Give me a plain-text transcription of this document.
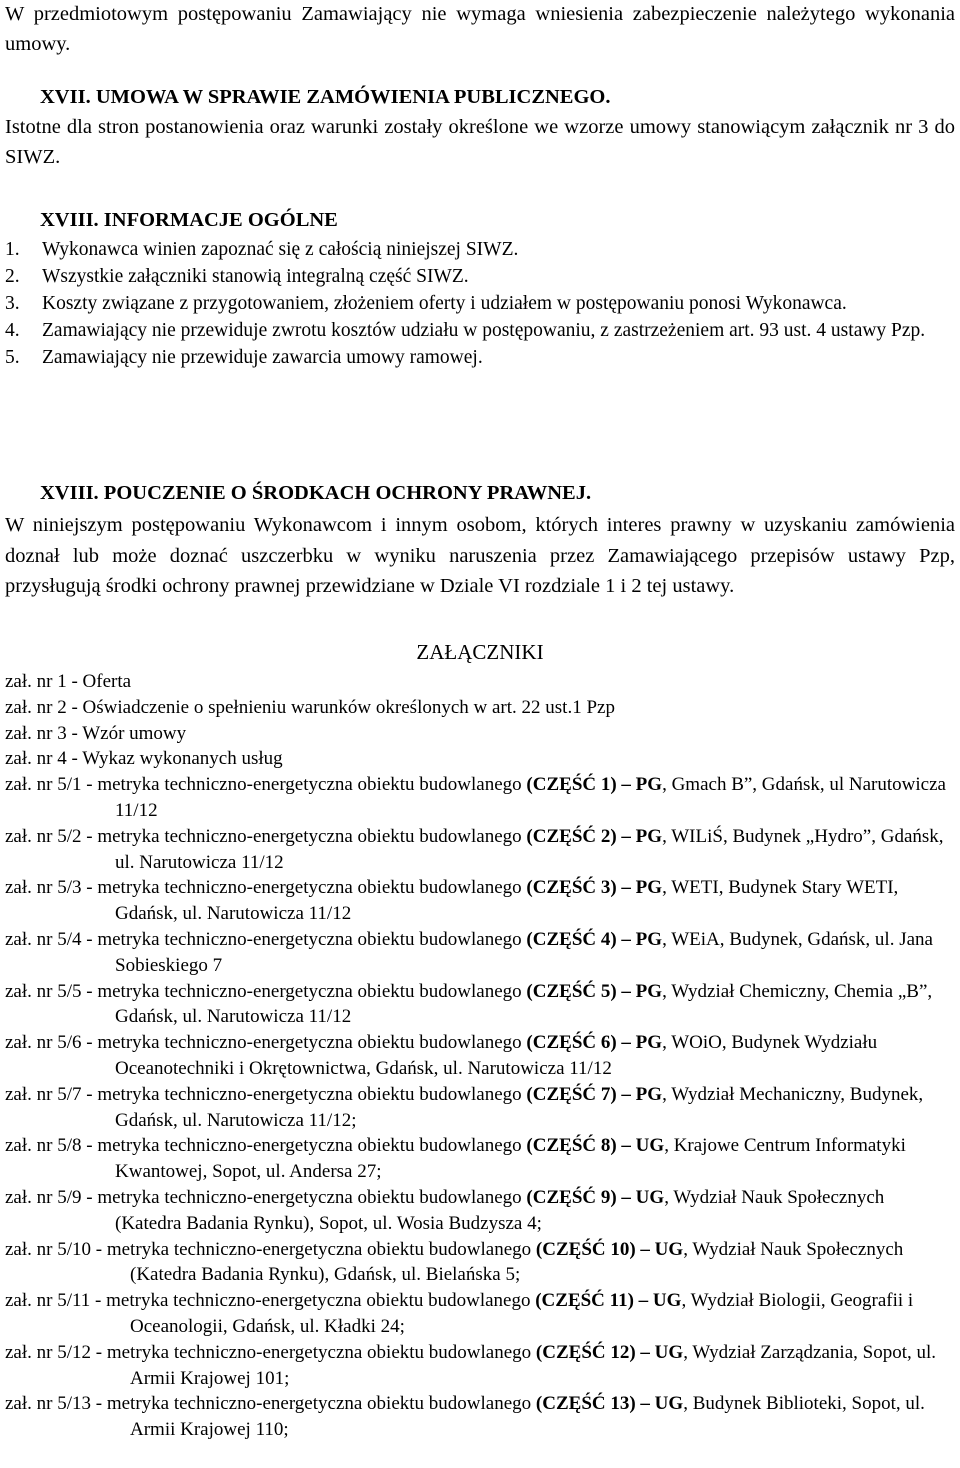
W przedmiotowym postępowaniu Zamawiający nie wymaga wniesienia zabezpieczenie należytego wykonania umowy.

XVII. UMOWA W SPRAWIE ZAMÓWIENIA PUBLICZNEGO.

Istotne dla stron postanowienia oraz warunki zostały określone we wzorze umowy stanowiącym załącznik nr 3 do SIWZ.

XVIII. INFORMACJE OGÓLNE

1. Wykonawca winien zapoznać się z całością niniejszej SIWZ.

2. Wszystkie załączniki stanowią integralną część SIWZ.

3. Koszty związane z przygotowaniem, złożeniem oferty i udziałem w postępowaniu ponosi Wykonawca.

4. Zamawiający nie przewiduje zwrotu kosztów udziału w postępowaniu, z zastrzeżeniem art. 93 ust. 4 ustawy Pzp.

5. Zamawiający nie przewiduje zawarcia umowy ramowej.

XVIII. POUCZENIE O ŚRODKACH OCHRONY PRAWNEJ.

W niniejszym postępowaniu Wykonawcom i innym osobom, których interes prawny w uzyskaniu zamówienia doznał lub może doznać uszczerbku w wyniku naruszenia przez Zamawiającego przepisów ustawy Pzp, przysługują środki ochrony prawnej przewidziane w Dziale VI rozdziale 1 i 2 tej ustawy.

ZAŁĄCZNIKI

zał. nr 1 - Oferta

zał. nr 2 - Oświadczenie o spełnieniu warunków określonych w art. 22 ust.1 Pzp

zał. nr 3 - Wzór umowy

zał. nr 4 - Wykaz wykonanych usług

zał. nr 5/1 - metryka techniczno-energetyczna obiektu budowlanego (CZĘŚĆ 1) – PG, Gmach B”, Gdańsk, ul Narutowicza 11/12

zał. nr 5/2 - metryka techniczno-energetyczna obiektu budowlanego (CZĘŚĆ 2) – PG, WILiŚ, Budynek „Hydro”, Gdańsk, ul. Narutowicza 11/12

zał. nr 5/3 - metryka techniczno-energetyczna obiektu budowlanego (CZĘŚĆ 3) – PG, WETI, Budynek Stary WETI, Gdańsk, ul. Narutowicza 11/12

zał. nr 5/4 - metryka techniczno-energetyczna obiektu budowlanego (CZĘŚĆ 4) – PG, WEiA, Budynek, Gdańsk, ul. Jana Sobieskiego 7

zał. nr 5/5 - metryka techniczno-energetyczna obiektu budowlanego (CZĘŚĆ 5) – PG, Wydział Chemiczny, Chemia „B”, Gdańsk, ul. Narutowicza 11/12

zał. nr 5/6 - metryka techniczno-energetyczna obiektu budowlanego (CZĘŚĆ 6) – PG, WOiO, Budynek Wydziału Oceanotechniki i Okrętownictwa, Gdańsk, ul. Narutowicza 11/12

zał. nr 5/7 - metryka techniczno-energetyczna obiektu budowlanego (CZĘŚĆ 7) – PG, Wydział Mechaniczny, Budynek, Gdańsk, ul. Narutowicza 11/12;

zał. nr 5/8 - metryka techniczno-energetyczna obiektu budowlanego (CZĘŚĆ 8) – UG, Krajowe Centrum Informatyki Kwantowej, Sopot, ul. Andersa 27;

zał. nr 5/9 - metryka techniczno-energetyczna obiektu budowlanego (CZĘŚĆ 9) – UG, Wydział Nauk Społecznych (Katedra Badania Rynku), Sopot, ul. Wosia Budzysza 4;

zał. nr 5/10 - metryka techniczno-energetyczna obiektu budowlanego (CZĘŚĆ 10) – UG, Wydział Nauk Społecznych (Katedra Badania Rynku), Gdańsk, ul. Bielańska 5;

zał. nr 5/11 - metryka techniczno-energetyczna obiektu budowlanego (CZĘŚĆ 11) – UG, Wydział Biologii, Geografii i Oceanologii, Gdańsk, ul. Kładki 24;

zał. nr 5/12 - metryka techniczno-energetyczna obiektu budowlanego (CZĘŚĆ 12) – UG, Wydział Zarządzania, Sopot, ul. Armii Krajowej 101;

zał. nr 5/13 - metryka techniczno-energetyczna obiektu budowlanego (CZĘŚĆ 13) – UG, Budynek Biblioteki, Sopot, ul. Armii Krajowej 110;
